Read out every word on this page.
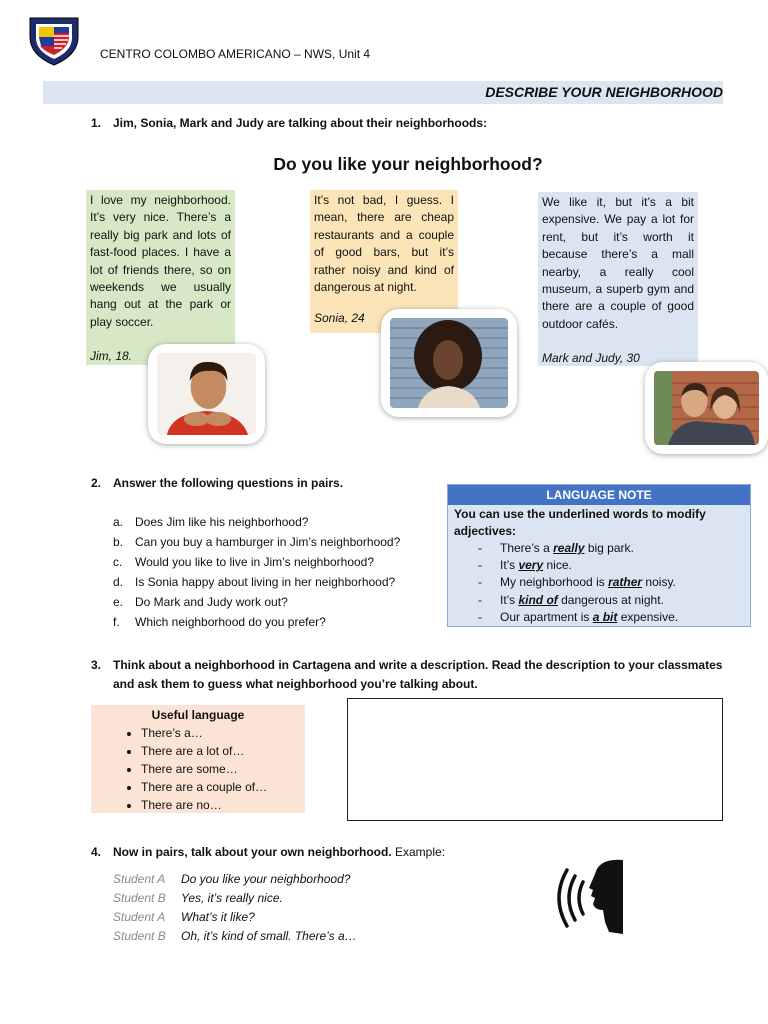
CENTRO COLOMBO AMERICANO – NWS, Unit 4
DESCRIBE YOUR NEIGHBORHOOD
1. Jim, Sonia, Mark and Judy are talking about their neighborhoods:
Do you like your neighborhood?
I love my neighborhood. It’s very nice. There’s a really big park and lots of fast-food places. I have a lot of friends there, so on weekends we usually hang out at the park or play soccer.
Jim, 18.
It’s not bad, I guess. I mean, there are cheap restaurants and a couple of good bars, but it’s rather noisy and kind of dangerous at night.
Sonia, 24
We like it, but it’s a bit expensive. We pay a lot for rent, but it’s worth it because there’s a mall nearby, a really cool museum, a superb gym and there are a couple of good outdoor cafés.
Mark and Judy, 30
2. Answer the following questions in pairs.
a. Does Jim like his neighborhood?
b. Can you buy a hamburger in Jim’s neighborhood?
c. Would you like to live in Jim’s neighborhood?
d. Is Sonia happy about living in her neighborhood?
e. Do Mark and Judy work out?
f. Which neighborhood do you prefer?
LANGUAGE NOTE
You can use the underlined words to modify adjectives:
- There’s a really big park.
- It’s very nice.
- My neighborhood is rather noisy.
- It’s kind of dangerous at night.
- Our apartment is a bit expensive.
3. Think about a neighborhood in Cartagena and write a description. Read the description to your classmates and ask them to guess what neighborhood you’re talking about.
Useful language
• There’s a…
• There are a lot of…
• There are some…
• There are a couple of…
• There are no…
4. Now in pairs, talk about your own neighborhood. Example:
Student A Do you like your neighborhood?
Student B Yes, it’s really nice.
Student A What’s it like?
Student B Oh, it’s kind of small. There’s a…
